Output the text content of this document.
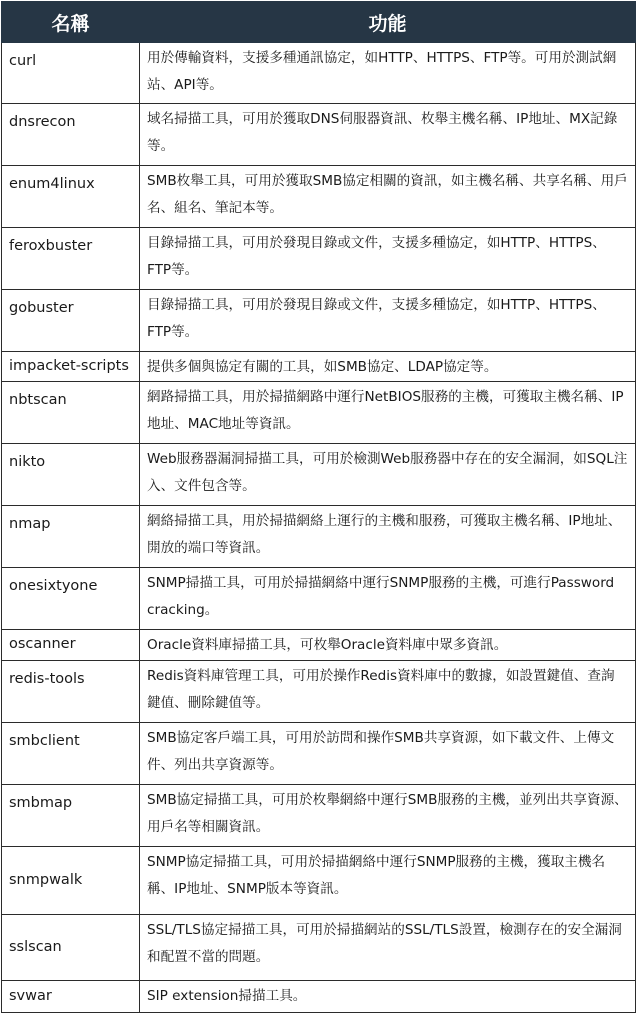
名稱	功能

curl	用於傳輸資料，支援多種通訊協定，如HTTP、HTTPS、FTP等。可用於測試網站、API等。

dnsrecon	域名掃描工具，可用於獲取DNS伺服器資訊、枚舉主機名稱、IP地址、MX記錄等。

enum4linux	SMB枚舉工具，可用於獲取SMB協定相關的資訊，如主機名稱、共享名稱、用戶名、組名、筆記本等。

feroxbuster	目錄掃描工具，可用於發現目錄或文件，支援多種協定，如HTTP、HTTPS、FTP等。

gobuster	目錄掃描工具，可用於發現目錄或文件，支援多種協定，如HTTP、HTTPS、FTP等。

impacket-scripts	提供多個與協定有關的工具，如SMB協定、LDAP協定等。

nbtscan	網路掃描工具，用於掃描網路中運行NetBIOS服務的主機，可獲取主機名稱、IP地址、MAC地址等資訊。

nikto	Web服務器漏洞掃描工具，可用於檢測Web服務器中存在的安全漏洞，如SQL注入、文件包含等。

nmap	網絡掃描工具，用於掃描網絡上運行的主機和服務，可獲取主機名稱、IP地址、開放的端口等資訊。

onesixtyone	SNMP掃描工具，可用於掃描網絡中運行SNMP服務的主機，可進行Password cracking。

oscanner	Oracle資料庫掃描工具，可枚舉Oracle資料庫中眾多資訊。

redis-tools	Redis資料庫管理工具，可用於操作Redis資料庫中的數據，如設置鍵值、查詢鍵值、刪除鍵值等。

smbclient	SMB協定客戶端工具，可用於訪問和操作SMB共享資源，如下載文件、上傳文件、列出共享資源等。

smbmap	SMB協定掃描工具，可用於枚舉網絡中運行SMB服務的主機，並列出共享資源、用戶名等相關資訊。

snmpwalk	SNMP協定掃描工具，可用於掃描網絡中運行SNMP服務的主機，獲取主機名稱、IP地址、SNMP版本等資訊。

sslscan	SSL/TLS協定掃描工具，可用於掃描網站的SSL/TLS設置，檢測存在的安全漏洞和配置不當的問題。

svwar	SIP extension掃描工具。
